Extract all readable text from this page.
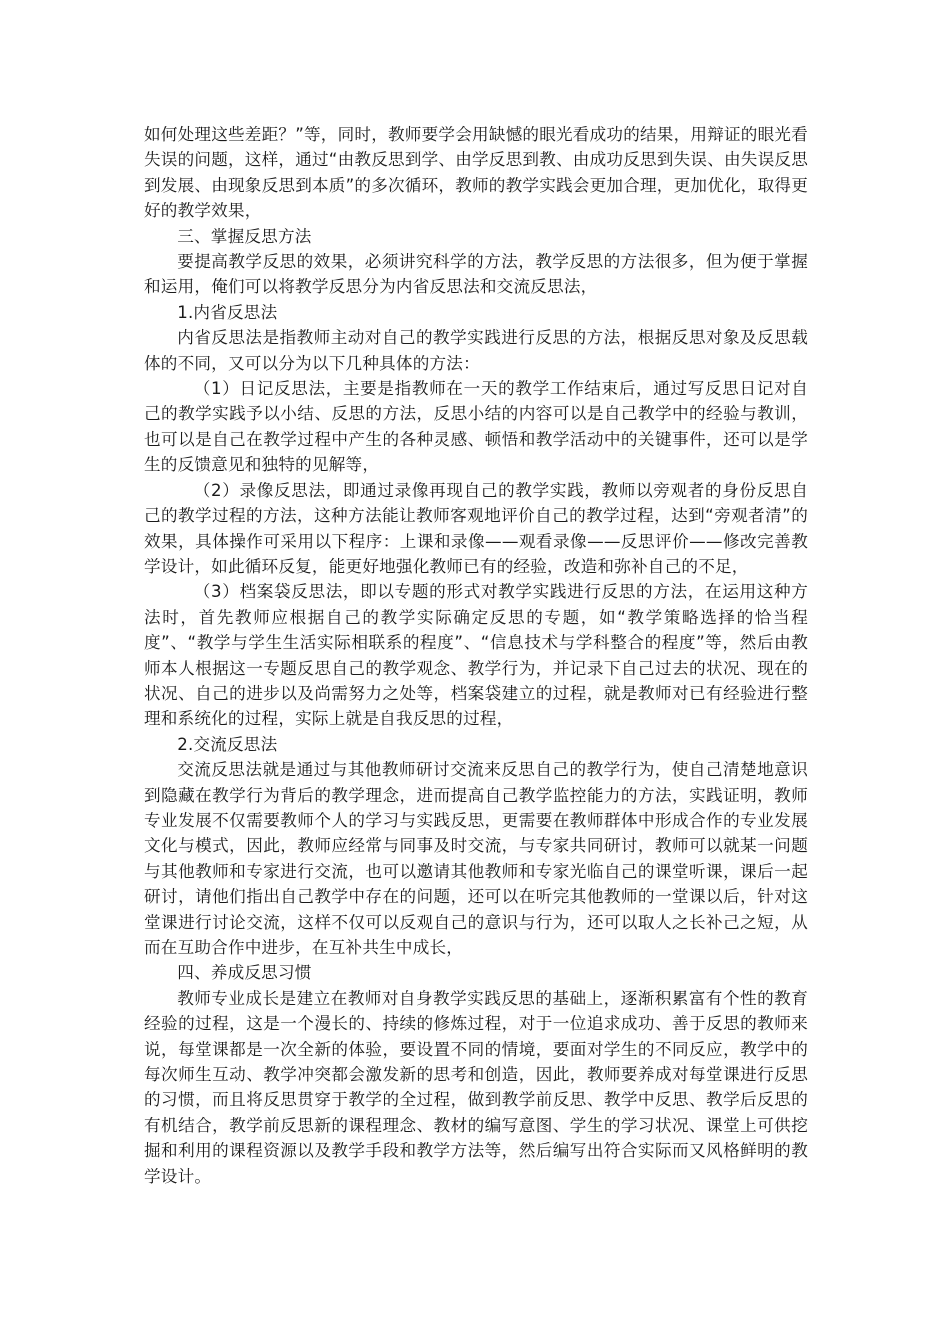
如何处理这些差距？”等，同时，教师要学会用缺憾的眼光看成功的结果，用辩证的眼光看失误的问题，这样，通过“由教反思到学、由学反思到教、由成功反思到失误、由失误反思到发展、由现象反思到本质”的多次循环，教师的教学实践会更加合理，更加优化，取得更好的教学效果，

三、掌握反思方法

要提高教学反思的效果，必须讲究科学的方法，教学反思的方法很多，但为便于掌握和运用，俺们可以将教学反思分为内省反思法和交流反思法，

1.内省反思法

内省反思法是指教师主动对自己的教学实践进行反思的方法，根据反思对象及反思载体的不同，又可以分为以下几种具体的方法：

（1）日记反思法，主要是指教师在一天的教学工作结束后，通过写反思日记对自己的教学实践予以小结、反思的方法，反思小结的内容可以是自己教学中的经验与教训，也可以是自己在教学过程中产生的各种灵感、顿悟和教学活动中的关键事件，还可以是学生的反馈意见和独特的见解等，

（2）录像反思法，即通过录像再现自己的教学实践，教师以旁观者的身份反思自己的教学过程的方法，这种方法能让教师客观地评价自己的教学过程，达到“旁观者清”的效果，具体操作可采用以下程序：上课和录像——观看录像——反思评价——修改完善教学设计，如此循环反复，能更好地强化教师已有的经验，改造和弥补自己的不足，

（3）档案袋反思法，即以专题的形式对教学实践进行反思的方法，在运用这种方法时，首先教师应根据自己的教学实际确定反思的专题，如“教学策略选择的恰当程度”、“教学与学生生活实际相联系的程度”、“信息技术与学科整合的程度”等，然后由教师本人根据这一专题反思自己的教学观念、教学行为，并记录下自己过去的状况、现在的状况、自己的进步以及尚需努力之处等，档案袋建立的过程，就是教师对已有经验进行整理和系统化的过程，实际上就是自我反思的过程，

2.交流反思法

交流反思法就是通过与其他教师研讨交流来反思自己的教学行为，使自己清楚地意识到隐藏在教学行为背后的教学理念，进而提高自己教学监控能力的方法，实践证明，教师专业发展不仅需要教师个人的学习与实践反思，更需要在教师群体中形成合作的专业发展文化与模式，因此，教师应经常与同事及时交流，与专家共同研讨，教师可以就某一问题与其他教师和专家进行交流，也可以邀请其他教师和专家光临自己的课堂听课，课后一起研讨，请他们指出自己教学中存在的问题，还可以在听完其他教师的一堂课以后，针对这堂课进行讨论交流，这样不仅可以反观自己的意识与行为，还可以取人之长补己之短，从而在互助合作中进步，在互补共生中成长，

四、养成反思习惯

教师专业成长是建立在教师对自身教学实践反思的基础上，逐渐积累富有个性的教育经验的过程，这是一个漫长的、持续的修炼过程，对于一位追求成功、善于反思的教师来说，每堂课都是一次全新的体验，要设置不同的情境，要面对学生的不同反应，教学中的每次师生互动、教学冲突都会激发新的思考和创造，因此，教师要养成对每堂课进行反思的习惯，而且将反思贯穿于教学的全过程，做到教学前反思、教学中反思、教学后反思的有机结合，教学前反思新的课程理念、教材的编写意图、学生的学习状况、课堂上可供挖掘和利用的课程资源以及教学手段和教学方法等，然后编写出符合实际而又风格鲜明的教学设计。
